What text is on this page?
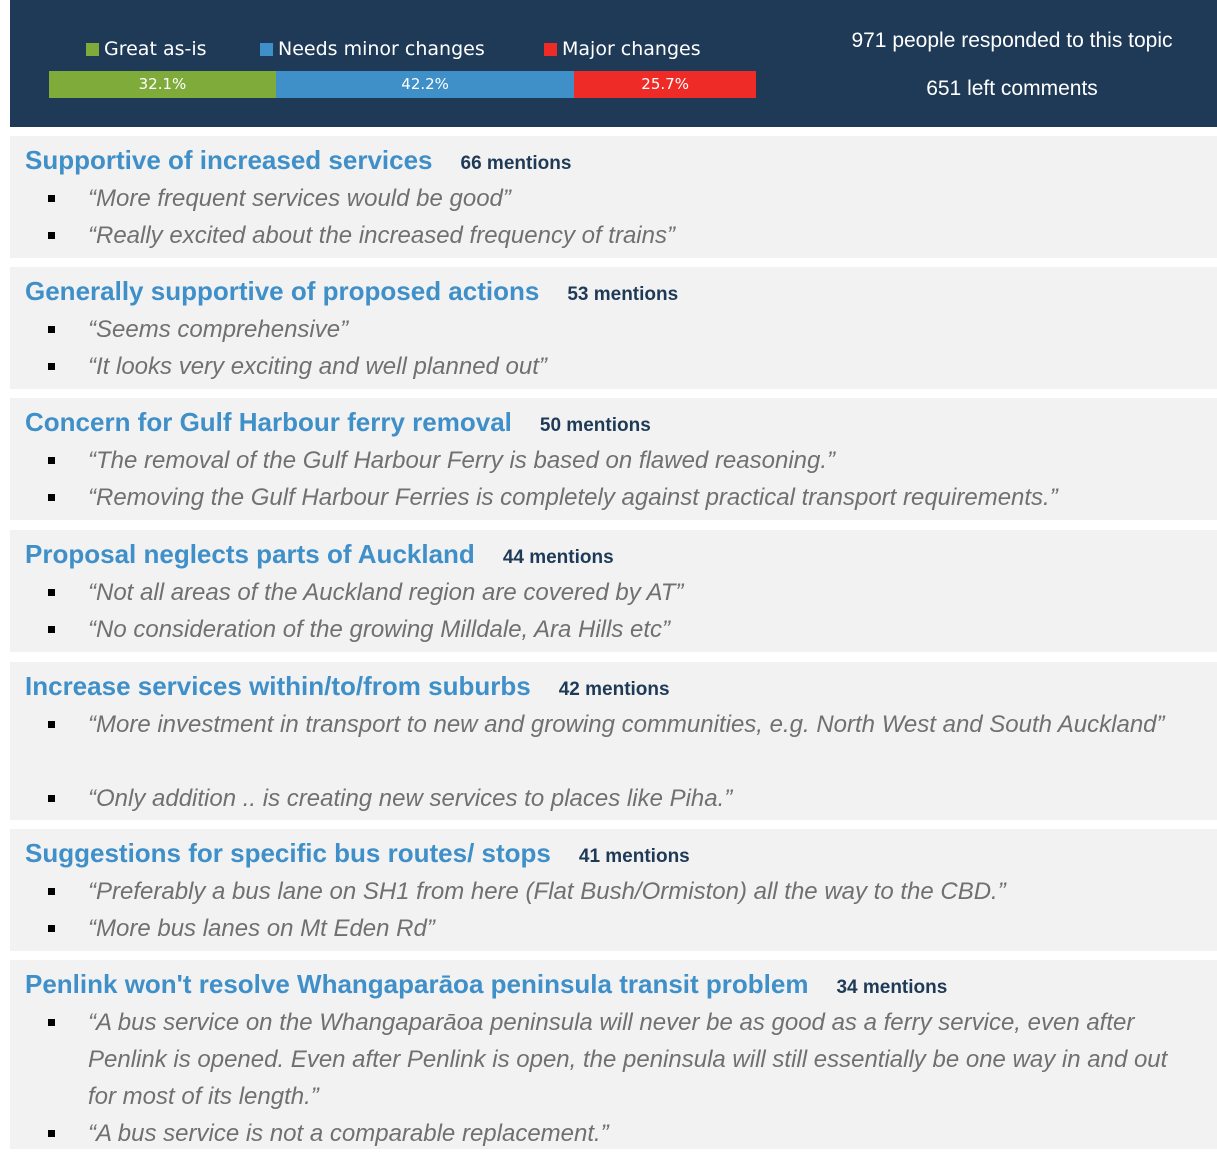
Great as-is	Needs minor changes	Major changes
32.1%	42.2%	25.7%
971 people responded to this topic
651 left comments
Supportive of increased services 66 mentions
“More frequent services would be good”
“Really excited about the increased frequency of trains”
Generally supportive of proposed actions 53 mentions
“Seems comprehensive”
“It looks very exciting and well planned out”
Concern for Gulf Harbour ferry removal 50 mentions
“The removal of the Gulf Harbour Ferry is based on flawed reasoning.”
“Removing the Gulf Harbour Ferries is completely against practical transport requirements.”
Proposal neglects parts of Auckland 44 mentions
“Not all areas of the Auckland region are covered by AT”
“No consideration of the growing Milldale, Ara Hills etc”
Increase services within/to/from suburbs 42 mentions
“More investment in transport to new and growing communities, e.g. North West and South Auckland”
“Only addition .. is creating new services to places like Piha.”
Suggestions for specific bus routes/ stops 41 mentions
“Preferably a bus lane on SH1 from here (Flat Bush/Ormiston) all the way to the CBD.”
“More bus lanes on Mt Eden Rd”
Penlink won't resolve Whangaparāoa peninsula transit problem 34 mentions
“A bus service on the Whangaparāoa peninsula will never be as good as a ferry service, even after Penlink is opened. Even after Penlink is open, the peninsula will still essentially be one way in and out for most of its length.”
“A bus service is not a comparable replacement.”
